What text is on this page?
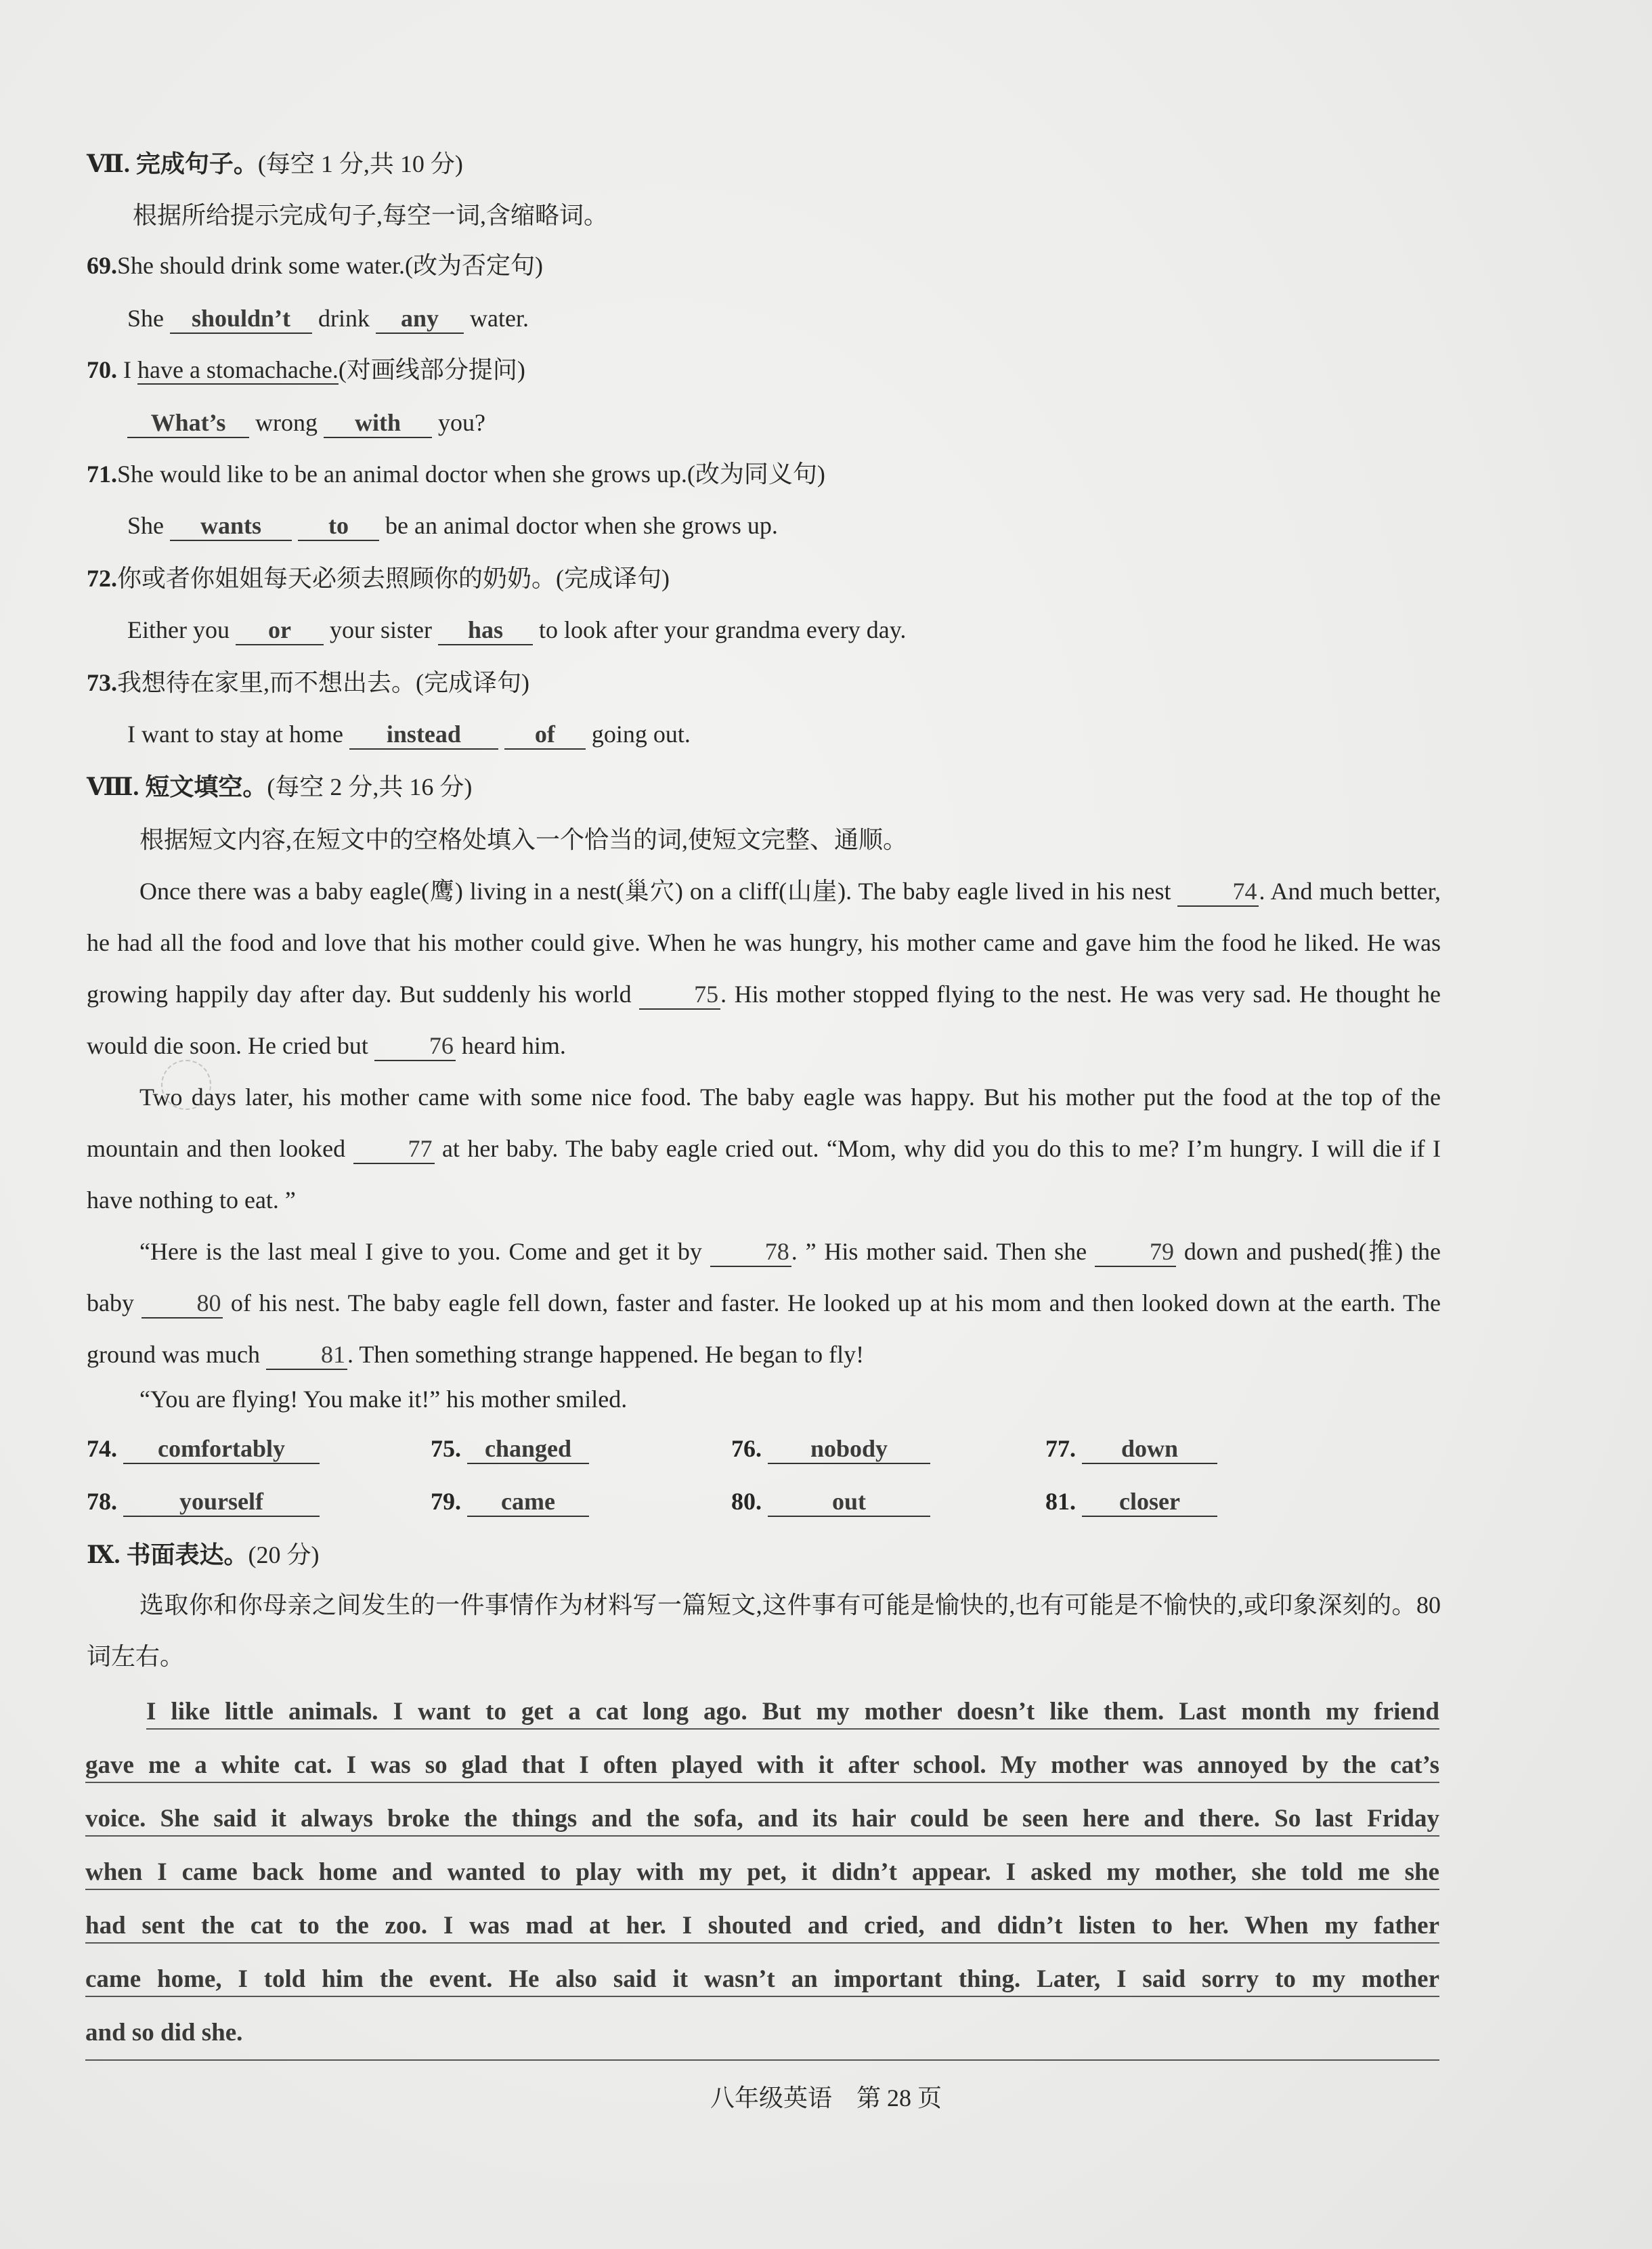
Ⅶ. 完成句子。(每空 1 分,共 10 分)
根据所给提示完成句子,每空一词,含缩略词。
69.She should drink some water.(改为否定句)
She shouldn’t drink any water.
70. I have a stomachache.(对画线部分提问)
What’s wrong with you?
71.She would like to be an animal doctor when she grows up.(改为同义句)
She wants	to be an animal doctor when she grows up.
72.你或者你姐姐每天必须去照顾你的奶奶。(完成译句)
Either you or your sister has to look after your grandma every day.
73.我想待在家里,而不想出去。(完成译句)
I want to stay at home instead	of going out.
Ⅷ. 短文填空。(每空 2 分,共 16 分)
根据短文内容,在短文中的空格处填入一个恰当的词,使短文完整、通顺。
Once there was a baby eagle(鹰) living in a nest(巢穴) on a cliff(山崖). The baby eagle lived in his nest	74. And much better, he had all the food and love that his mother could give. When he was hungry, his mother came and gave him the food he liked. He was growing happily day after day. But suddenly his world	75. His mother stopped flying to the nest. He was very sad. He thought he would die soon. He cried but	76 heard him.
Two days later, his mother came with some nice food. The baby eagle was happy. But his mother put the food at the top of the mountain and then looked	77 at her baby. The baby eagle cried out. “Mom, why did you do this to me? I’m hungry. I will die if I have nothing to eat. ”
“Here is the last meal I give to you. Come and get it by	78. ” His mother said. Then she	79 down and pushed(推) the baby	80 of his nest. The baby eagle fell down, faster and faster. He looked up at his mom and then looked down at the earth. The ground was much	81. Then something strange happened. He began to fly!
“You are flying! You make it!” his mother smiled.
74. comfortably	75. changed	76. nobody	77. down
78.	yourself	79. came	80.	out	81. closer
Ⅸ. 书面表达。(20 分)
选取你和你母亲之间发生的一件事情作为材料写一篇短文,这件事有可能是愉快的,也有可能是不愉快的,或印象深刻的。80 词左右。
I like little animals. I want to get a cat long ago. But my mother doesn’t like them. Last month my friend
gave me a white cat. I was so glad that I often played with it after school. My mother was annoyed by the cat’s
voice. She said it always broke the things and the sofa, and its hair could be seen here and there. So last Friday
when I came back home and wanted to play with my pet, it didn’t appear. I asked my mother, she told me she
had sent the cat to the zoo. I was mad at her. I shouted and cried, and didn’t listen to her. When my father
came home, I told him the event. He also said it wasn’t an important thing. Later, I said sorry to my mother
and so did she.
八年级英语　第 28 页
